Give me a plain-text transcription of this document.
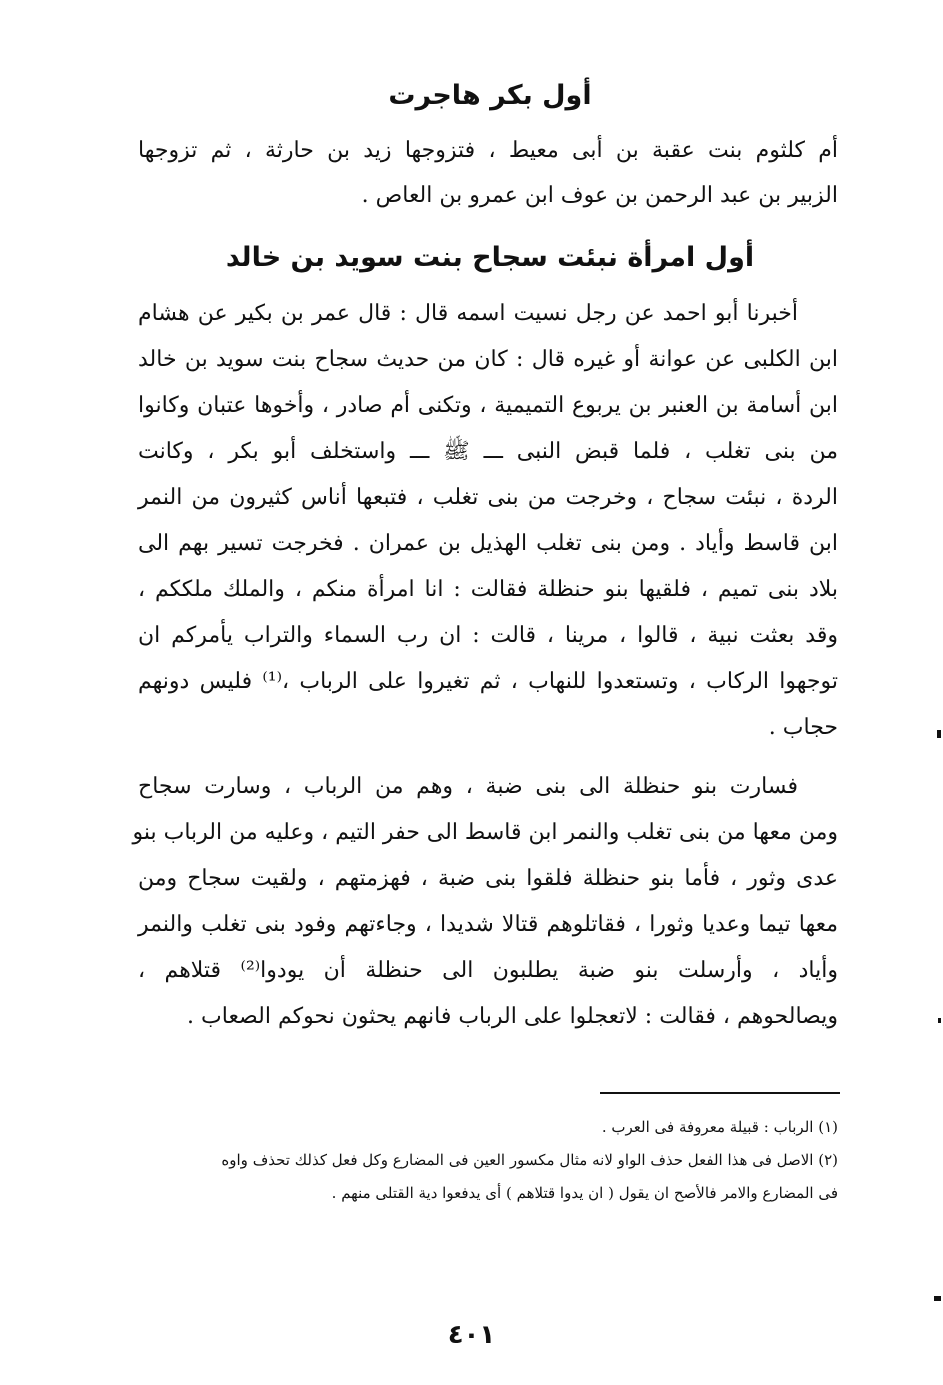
أول بكر هاجرت
أم كلثوم بنت عقبة بن أبى معيط ، فتزوجها زيد بن حارثة ، ثم تزوجها
الزبير بن عبد الرحمن بن عوف ابن عمرو بن العاص .
أول امرأة نبئت سجاح بنت سويد بن خالد
أخبرنا أبو احمد عن رجل نسيت اسمه قال : قال عمر بن بكير عن هشام
ابن الكلبى عن عوانة أو غيره قال : كان من حديث سجاح بنت سويد بن خالد
ابن أسامة بن العنبر بن يربوع التميمية ، وتكنى أم صادر ، وأخوها عتبان وكانوا
من بنى تغلب ، فلما قبض النبى ـــ ﷺ ـــ واستخلف أبو بكر ، وكانت
الردة ، نبئت سجاح ، وخرجت من بنى تغلب ، فتبعها أناس كثيرون من النمر
ابن قاسط وأياد . ومن بنى تغلب الهذيل بن عمران . فخرجت تسير بهم الى
بلاد بنى تميم ، فلقيها بنو حنظلة فقالت : انا امرأة منكم ، والملك ملككم ،
وقد بعثت نبية ، قالوا ، مرينا ، قالت : ان رب السماء والتراب يأمركم ان
توجهوا الركاب ، وتستعدوا للنهاب ، ثم تغيروا على الرباب ،⁽¹⁾ فليس دونهم
حجاب .
فسارت بنو حنظلة الى بنى ضبة ، وهم من الرباب ، وسارت سجاح
ومن معها من بنى تغلب والنمر ابن قاسط الى حفر التيم ، وعليه من الرباب بنو
عدى وثور ، فأما بنو حنظلة فلقوا بنى ضبة ، فهزمتهم ، ولقيت سجاح ومن
معها تيما وعديا وثورا ، فقاتلوهم قتالا شديدا ، وجاءتهم وفود بنى تغلب والنمر
وأياد ، وأرسلت بنو ضبة يطلبون الى حنظلة أن يودوا⁽²⁾ قتلاهم ،
ويصالحوهم ، فقالت : لاتعجلوا على الرباب فانهم يحثون نحوكم الصعاب .
(١) الرباب : قبيلة معروفة فى العرب .
(٢) الاصل فى هذا الفعل حذف الواو لانه مثال مكسور العين فى المضارع وكل فعل كذلك تحذف واوه
فى المضارع والامر فالأصح ان يقول ( ان يدوا قتلاهم ) أى يدفعوا دية القتلى منهم .
٤٠١
